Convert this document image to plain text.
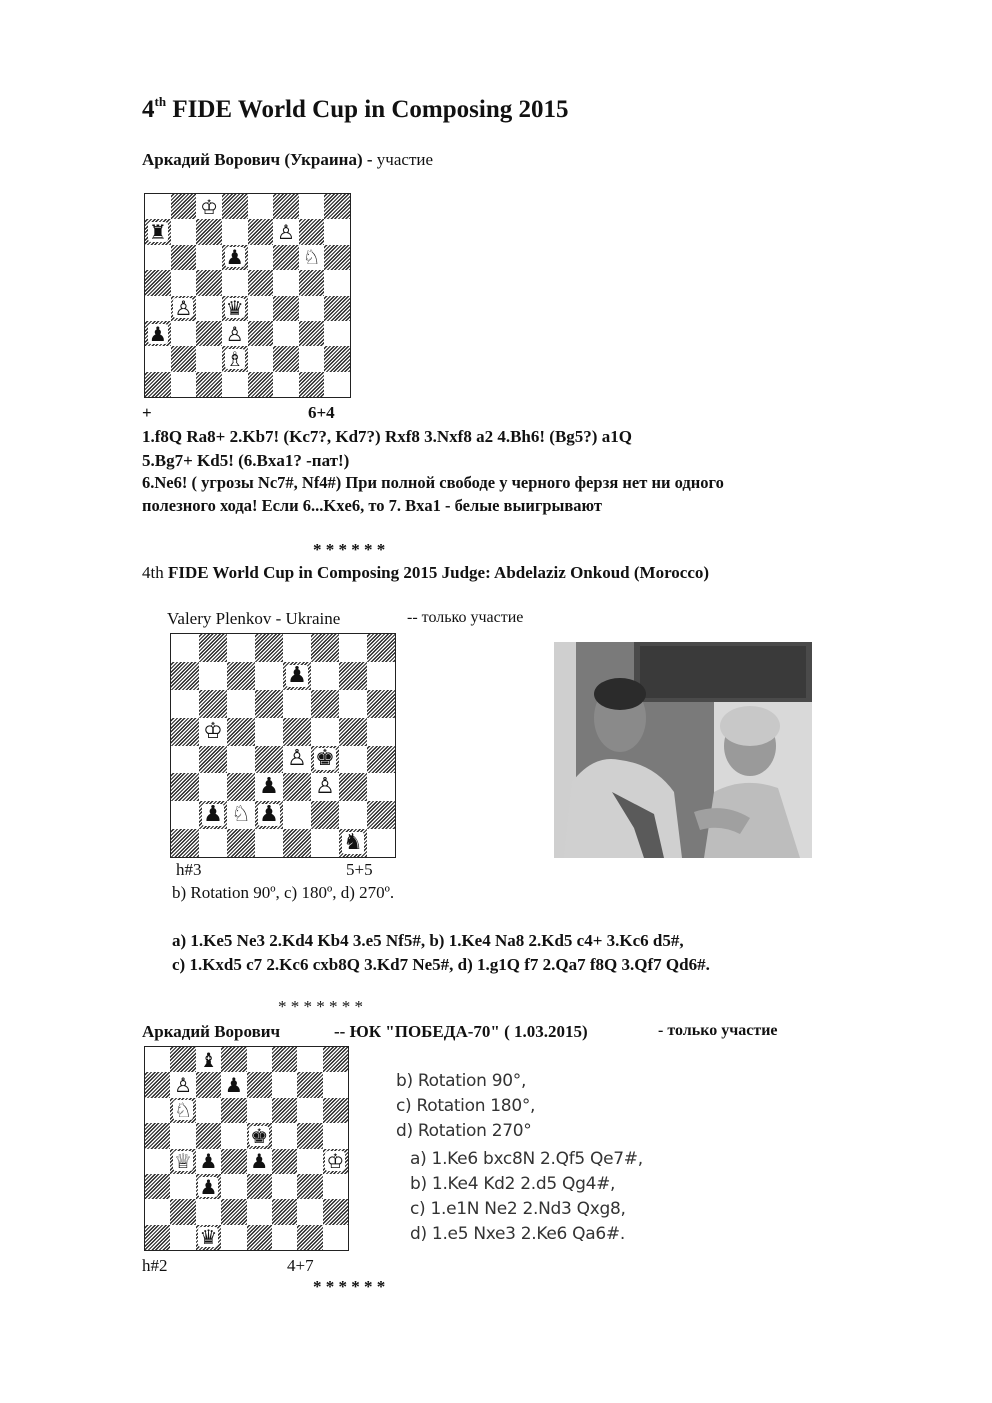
4th FIDE World Cup in Composing 2015
Аркадий Ворович (Украина) - участие
♔
♜	♙
♟	♘
♙ ♛
♟	♙
♗
+	6+4
1.f8Q Ra8+ 2.Kb7! (Kc7?, Kd7?) Rxf8 3.Nxf8 a2 4.Bh6! (Bg5?) a1Q
5.Bg7+ Kd5! (6.Bxa1? -пат!)
6.Ne6! ( угрозы Nc7#, Nf4#) При полной свободе у черного ферзя нет ни одного
полезного хода! Если 6...Kxe6, то 7. Bxa1 - белые выигрывают
* * * * * *
4th FIDE World Cup in Composing 2015 Judge: Abdelaziz Onkoud (Morocco)
Valery Plenkov - Ukraine	-- только участие
♟
♔
♙ ♚
♟ ♙
♟ ♘ ♟
♞
h#3	5+5
b) Rotation 90º, c) 180º, d) 270º.
a) 1.Ke5 Ne3 2.Kd4 Kb4 3.e5 Nf5#, b) 1.Ke4 Na8 2.Kd5 c4+ 3.Kc6 d5#,
c) 1.Kxd5 c7 2.Kc6 cxb8Q 3.Kd7 Ne5#, d) 1.g1Q f7 2.Qa7 f8Q 3.Qf7 Qd6#.
* * * * * * *
Аркадий Ворович	-- ЮК "ПОБЕДА-70" ( 1.03.2015)	- только участие
♝
♙ ♟
♘
♚
♕ ♟ ♟	♔
♟
♛
b) Rotation 90°,
c) Rotation 180°,
d) Rotation 270°
a) 1.Ke6 bxc8N 2.Qf5 Qe7#,
b) 1.Ke4 Kd2 2.d5 Qg4#,
c) 1.e1N Ne2 2.Nd3 Qxg8,
d) 1.e5 Nxe3 2.Ke6 Qa6#.
h#2	4+7
* * * * * *
